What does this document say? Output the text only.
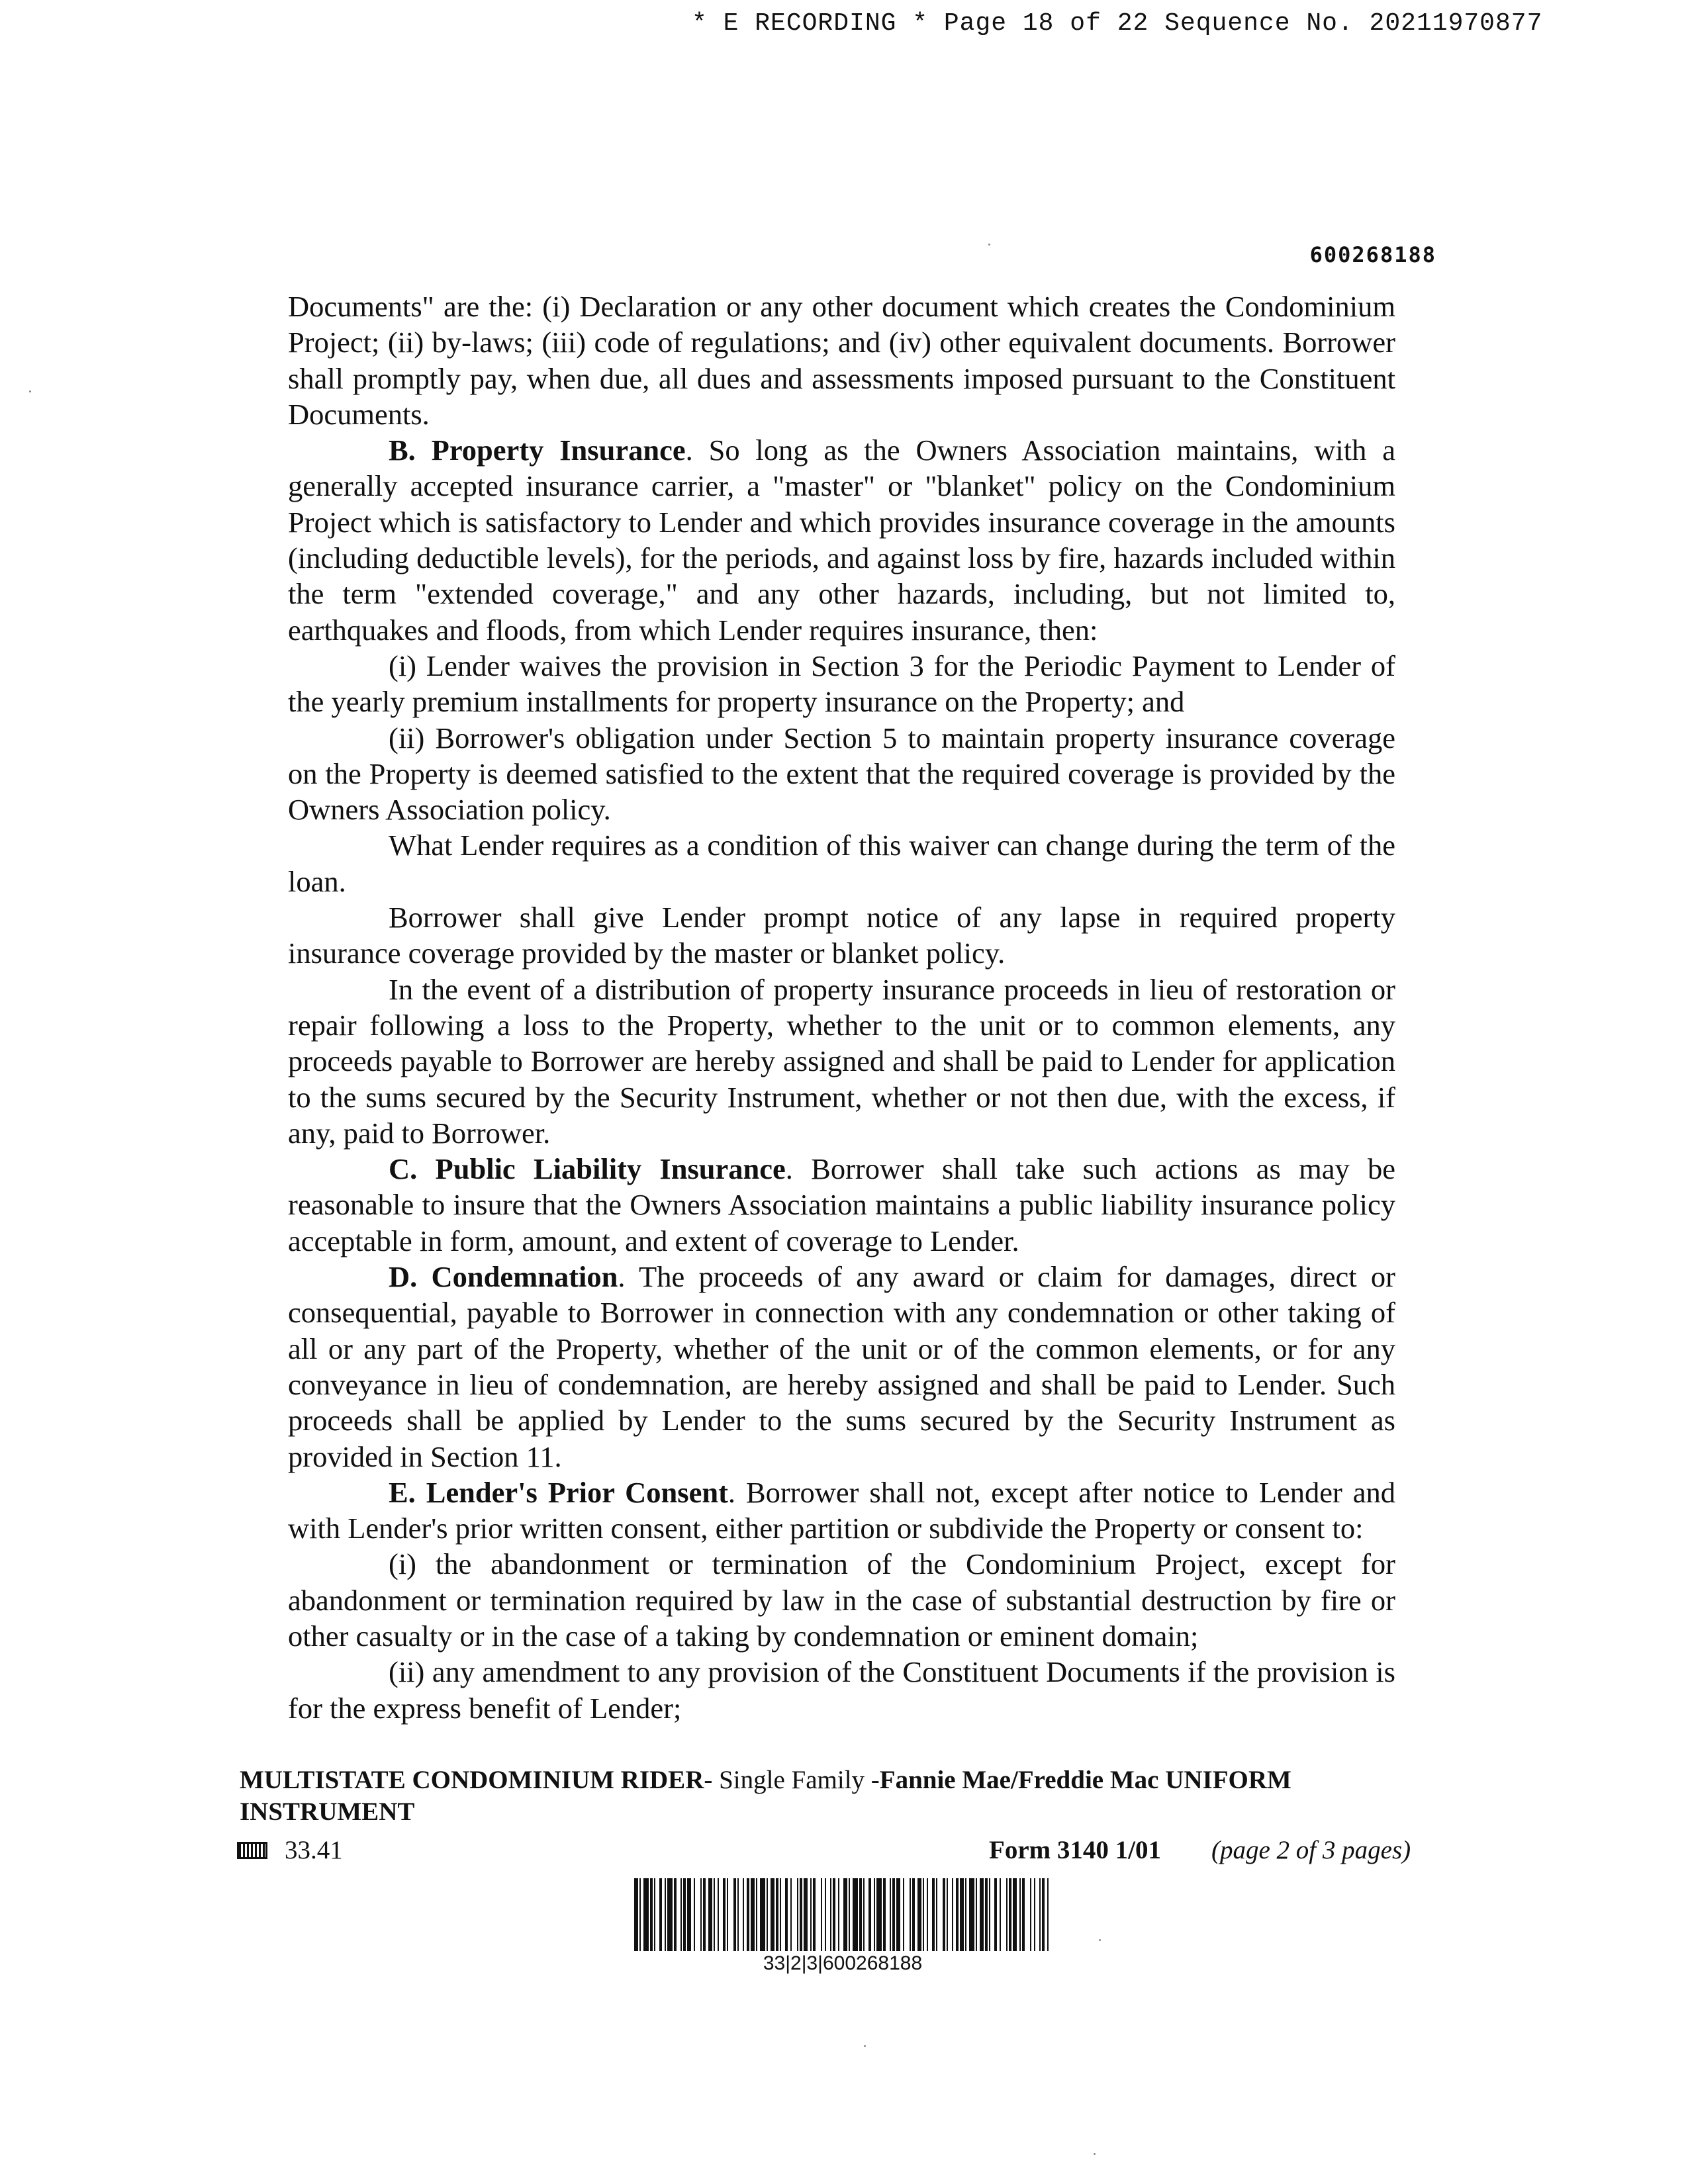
* E RECORDING * Page 18 of 22 Sequence No. 20211970877
600268188

Documents" are the: (i) Declaration or any other document which creates the Condominium Project; (ii) by-laws; (iii) code of regulations; and (iv) other equivalent documents. Borrower shall promptly pay, when due, all dues and assessments imposed pursuant to the Constituent Documents.

B. Property Insurance. So long as the Owners Association maintains, with a generally accepted insurance carrier, a "master" or "blanket" policy on the Condominium Project which is satisfactory to Lender and which provides insurance coverage in the amounts (including deductible levels), for the periods, and against loss by fire, hazards included within the term "extended coverage," and any other hazards, including, but not limited to, earthquakes and floods, from which Lender requires insurance, then:

(i) Lender waives the provision in Section 3 for the Periodic Payment to Lender of the yearly premium installments for property insurance on the Property; and

(ii) Borrower's obligation under Section 5 to maintain property insurance coverage on the Property is deemed satisfied to the extent that the required coverage is provided by the Owners Association policy.

What Lender requires as a condition of this waiver can change during the term of the loan.

Borrower shall give Lender prompt notice of any lapse in required property insurance coverage provided by the master or blanket policy.

In the event of a distribution of property insurance proceeds in lieu of restoration or repair following a loss to the Property, whether to the unit or to common elements, any proceeds payable to Borrower are hereby assigned and shall be paid to Lender for application to the sums secured by the Security Instrument, whether or not then due, with the excess, if any, paid to Borrower.

C. Public Liability Insurance. Borrower shall take such actions as may be reasonable to insure that the Owners Association maintains a public liability insurance policy acceptable in form, amount, and extent of coverage to Lender.

D. Condemnation. The proceeds of any award or claim for damages, direct or consequential, payable to Borrower in connection with any condemnation or other taking of all or any part of the Property, whether of the unit or of the common elements, or for any conveyance in lieu of condemnation, are hereby assigned and shall be paid to Lender. Such proceeds shall be applied by Lender to the sums secured by the Security Instrument as provided in Section 11.

E. Lender's Prior Consent. Borrower shall not, except after notice to Lender and with Lender's prior written consent, either partition or subdivide the Property or consent to:

(i) the abandonment or termination of the Condominium Project, except for abandonment or termination required by law in the case of substantial destruction by fire or other casualty or in the case of a taking by condemnation or eminent domain;

(ii) any amendment to any provision of the Constituent Documents if the provision is for the express benefit of Lender;

MULTISTATE CONDOMINIUM RIDER- Single Family -Fannie Mae/Freddie Mac UNIFORM INSTRUMENT
33.41	Form 3140 1/01 (page 2 of 3 pages)
33|2|3|600268188
